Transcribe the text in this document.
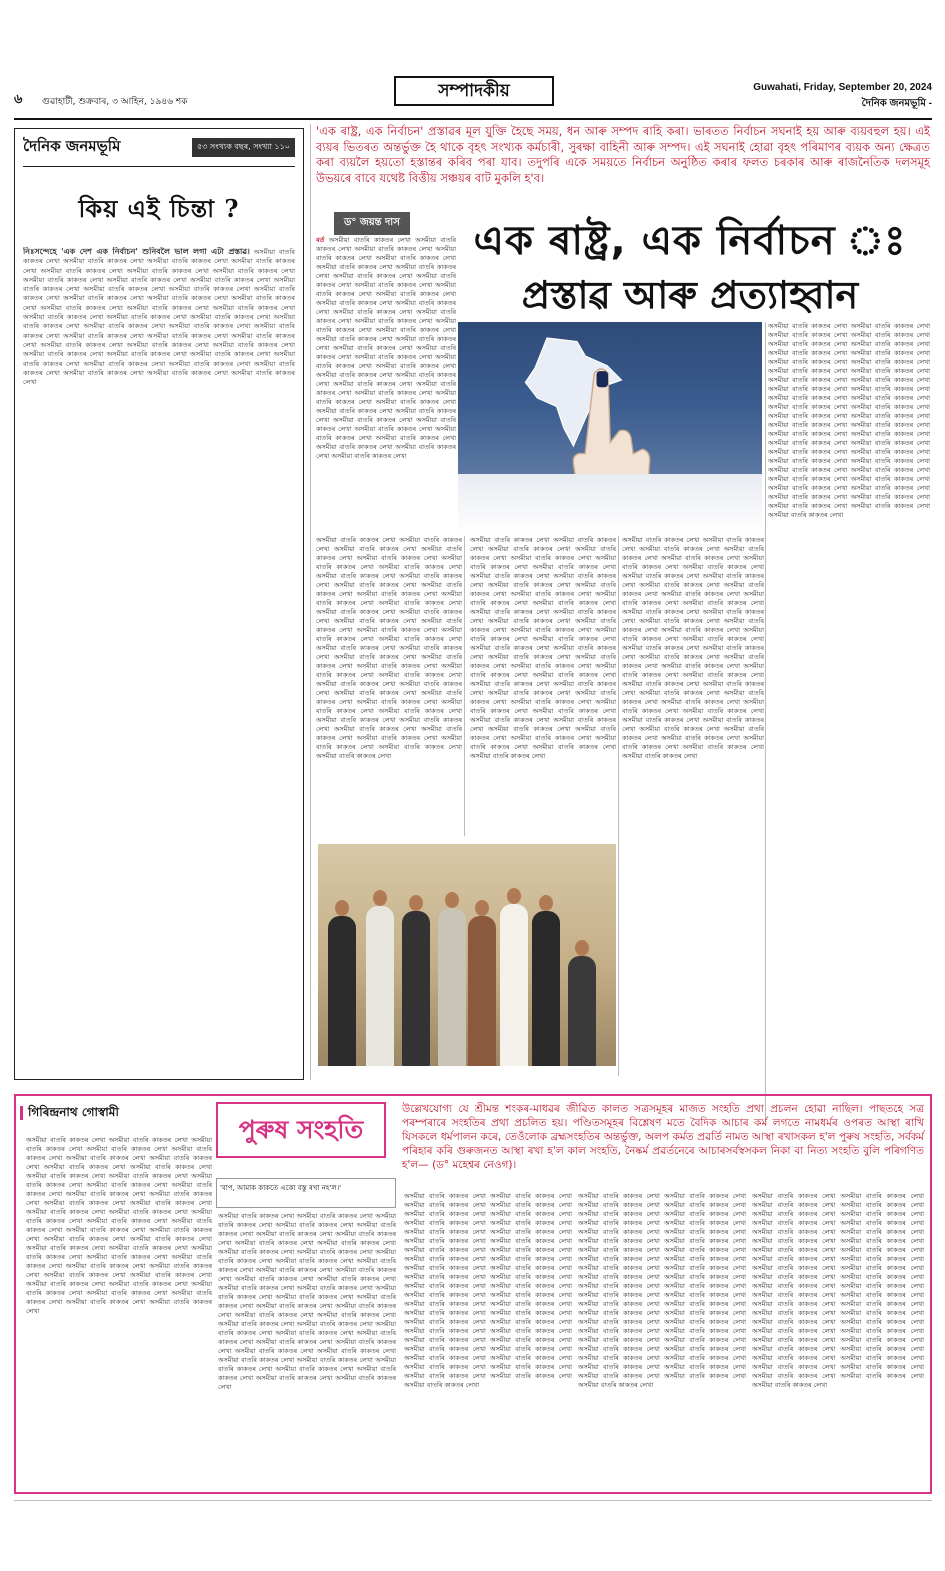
৬ গুৱাহাটী, শুক্ৰবাৰ, ৩ আহিন, ১৯৪৬ শক
সম্পাদকীয়	Guwahati, Friday, September 20, 2024
দৈনিক জনমভূমি -
দৈনিক জনমভূমি	৫৩ সংখ্যক বছৰ, সংখ্যা ১১০
কিয় এই চিন্তা ?
নিঃসন্দেহে 'এক দেশ এক নিৰ্বাচন' শুনিবলৈ ভাল লগা এটা প্ৰস্তাৱ। অসমীয়া বাতৰি কাকতৰ লেখা অসমীয়া বাতৰি কাকতৰ লেখা অসমীয়া বাতৰি কাকতৰ লেখা অসমীয়া বাতৰি কাকতৰ লেখা অসমীয়া বাতৰি কাকতৰ লেখা অসমীয়া বাতৰি কাকতৰ লেখা অসমীয়া বাতৰি কাকতৰ লেখা অসমীয়া বাতৰি কাকতৰ লেখা অসমীয়া বাতৰি কাকতৰ লেখা অসমীয়া বাতৰি কাকতৰ লেখা অসমীয়া বাতৰি কাকতৰ লেখা অসমীয়া বাতৰি কাকতৰ লেখা অসমীয়া বাতৰি কাকতৰ লেখা অসমীয়া বাতৰি কাকতৰ লেখা অসমীয়া বাতৰি কাকতৰ লেখা অসমীয়া বাতৰি কাকতৰ লেখা অসমীয়া বাতৰি কাকতৰ লেখা অসমীয়া বাতৰি কাকতৰ লেখা অসমীয়া বাতৰি কাকতৰ লেখা অসমীয়া বাতৰি কাকতৰ লেখা অসমীয়া বাতৰি কাকতৰ লেখা অসমীয়া বাতৰি কাকতৰ লেখা অসমীয়া বাতৰি কাকতৰ লেখা অসমীয়া বাতৰি কাকতৰ লেখা অসমীয়া বাতৰি কাকতৰ লেখা অসমীয়া বাতৰি কাকতৰ লেখা অসমীয়া বাতৰি কাকতৰ লেখা অসমীয়া বাতৰি কাকতৰ লেখা অসমীয়া বাতৰি কাকতৰ লেখা অসমীয়া বাতৰি কাকতৰ লেখা অসমীয়া বাতৰি কাকতৰ লেখা অসমীয়া বাতৰি কাকতৰ লেখা অসমীয়া বাতৰি কাকতৰ লেখা অসমীয়া বাতৰি কাকতৰ লেখা অসমীয়া বাতৰি কাকতৰ লেখা অসমীয়া বাতৰি কাকতৰ লেখা অসমীয়া বাতৰি কাকতৰ লেখা অসমীয়া বাতৰি কাকতৰ লেখা অসমীয়া বাতৰি কাকতৰ লেখা অসমীয়া বাতৰি কাকতৰ লেখা অসমীয়া বাতৰি কাকতৰ লেখা অসমীয়া বাতৰি কাকতৰ লেখা অসমীয়া বাতৰি কাকতৰ লেখা
'এক ৰাষ্ট্ৰ, এক নিৰ্বাচন' প্ৰস্তাৱৰ মূল যুক্তি হৈছে সময়, ধন আৰু সম্পদ ৰাহি কৰা। ভাৰতত নিৰ্বাচন সঘনাই হয় আৰু ব্যয়বহুল হয়। এই ব্যয়ৰ ভিতৰত অন্তৰ্ভুক্ত হৈ থাকে বৃহৎ সংখ্যক কৰ্মচাৰী, সুৰক্ষা বাহিনী আৰু সম্পদ। এই সঘনাই হোৱা বৃহৎ পৰিমাণৰ ব্যয়ক অন্য ক্ষেত্ৰত কৰা ব্যয়লৈ হয়তো হস্তান্তৰ কৰিব পৰা যাব। তদুপৰি একে সময়তে নিৰ্বাচন অনুষ্ঠিত কৰাৰ ফলত চৰকাৰ আৰু ৰাজনৈতিক দলসমূহ উভয়ৰে বাবে যথেষ্ট বিত্তীয় সঞ্চয়ৰ বাট মুকলি হ'ব।
ড° জয়ন্ত দাস	এক ৰাষ্ট্ৰ, এক নিৰ্বাচন ঃ
প্ৰস্তাৱ আৰু প্ৰত্যাহ্বান
বৰ্ত অসমীয়া বাতৰি কাকতৰ লেখা অসমীয়া বাতৰি কাকতৰ লেখা অসমীয়া বাতৰি কাকতৰ লেখা অসমীয়া বাতৰি কাকতৰ লেখা অসমীয়া বাতৰি কাকতৰ লেখা অসমীয়া বাতৰি কাকতৰ লেখা অসমীয়া বাতৰি কাকতৰ লেখা অসমীয়া বাতৰি কাকতৰ লেখা অসমীয়া বাতৰি কাকতৰ লেখা অসমীয়া বাতৰি কাকতৰ লেখা অসমীয়া বাতৰি কাকতৰ লেখা অসমীয়া বাতৰি কাকতৰ লেখা অসমীয়া বাতৰি কাকতৰ লেখা অসমীয়া বাতৰি কাকতৰ লেখা অসমীয়া বাতৰি কাকতৰ লেখা অসমীয়া বাতৰি কাকতৰ লেখা অসমীয়া বাতৰি কাকতৰ লেখা অসমীয়া বাতৰি কাকতৰ লেখা অসমীয়া বাতৰি কাকতৰ লেখা অসমীয়া বাতৰি কাকতৰ লেখা অসমীয়া বাতৰি কাকতৰ লেখা অসমীয়া বাতৰি কাকতৰ লেখা অসমীয়া বাতৰি কাকতৰ লেখা অসমীয়া বাতৰি কাকতৰ লেখা অসমীয়া বাতৰি কাকতৰ লেখা অসমীয়া বাতৰি কাকতৰ লেখা অসমীয়া বাতৰি কাকতৰ লেখা অসমীয়া বাতৰি কাকতৰ লেখা অসমীয়া বাতৰি কাকতৰ লেখা অসমীয়া বাতৰি কাকতৰ লেখা অসমীয়া বাতৰি কাকতৰ লেখা অসমীয়া বাতৰি কাকতৰ লেখা অসমীয়া বাতৰি কাকতৰ লেখা অসমীয়া বাতৰি কাকতৰ লেখা অসমীয়া বাতৰি কাকতৰ লেখা অসমীয়া বাতৰি কাকতৰ লেখা অসমীয়া বাতৰি কাকতৰ লেখা অসমীয়া বাতৰি কাকতৰ লেখা অসমীয়া বাতৰি কাকতৰ লেখা অসমীয়া বাতৰি কাকতৰ লেখা অসমীয়া বাতৰি কাকতৰ লেখা অসমীয়া বাতৰি কাকতৰ লেখা অসমীয়া বাতৰি কাকতৰ লেখা
অসমীয়া বাতৰি কাকতৰ লেখা অসমীয়া বাতৰি কাকতৰ লেখা অসমীয়া বাতৰি কাকতৰ লেখা অসমীয়া বাতৰি কাকতৰ লেখা অসমীয়া বাতৰি কাকতৰ লেখা অসমীয়া বাতৰি কাকতৰ লেখা অসমীয়া বাতৰি কাকতৰ লেখা অসমীয়া বাতৰি কাকতৰ লেখা অসমীয়া বাতৰি কাকতৰ লেখা অসমীয়া বাতৰি কাকতৰ লেখা অসমীয়া বাতৰি কাকতৰ লেখা অসমীয়া বাতৰি কাকতৰ লেখা অসমীয়া বাতৰি কাকতৰ লেখা অসমীয়া বাতৰি কাকতৰ লেখা অসমীয়া বাতৰি কাকতৰ লেখা অসমীয়া বাতৰি কাকতৰ লেখা অসমীয়া বাতৰি কাকতৰ লেখা অসমীয়া বাতৰি কাকতৰ লেখা অসমীয়া বাতৰি কাকতৰ লেখা অসমীয়া বাতৰি কাকতৰ লেখা অসমীয়া বাতৰি কাকতৰ লেখা অসমীয়া বাতৰি কাকতৰ লেখা অসমীয়া বাতৰি কাকতৰ লেখা অসমীয়া বাতৰি কাকতৰ লেখা অসমীয়া বাতৰি কাকতৰ লেখা অসমীয়া বাতৰি কাকতৰ লেখা অসমীয়া বাতৰি কাকতৰ লেখা অসমীয়া বাতৰি কাকতৰ লেখা অসমীয়া বাতৰি কাকতৰ লেখা অসমীয়া বাতৰি কাকতৰ লেখা অসমীয়া বাতৰি কাকতৰ লেখা অসমীয়া বাতৰি কাকতৰ লেখা অসমীয়া বাতৰি কাকতৰ লেখা অসমীয়া বাতৰি কাকতৰ লেখা অসমীয়া বাতৰি কাকতৰ লেখা অসমীয়া বাতৰি কাকতৰ লেখা অসমীয়া বাতৰি কাকতৰ লেখা অসমীয়া বাতৰি কাকতৰ লেখা অসমীয়া বাতৰি কাকতৰ লেখা অসমীয়া বাতৰি কাকতৰ লেখা অসমীয়া বাতৰি কাকতৰ লেখা অসমীয়া বাতৰি কাকতৰ লেখা অসমীয়া বাতৰি কাকতৰ লেখা
অসমীয়া বাতৰি কাকতৰ লেখা অসমীয়া বাতৰি কাকতৰ লেখা অসমীয়া বাতৰি কাকতৰ লেখা অসমীয়া বাতৰি কাকতৰ লেখা অসমীয়া বাতৰি কাকতৰ লেখা অসমীয়া বাতৰি কাকতৰ লেখা অসমীয়া বাতৰি কাকতৰ লেখা অসমীয়া বাতৰি কাকতৰ লেখা অসমীয়া বাতৰি কাকতৰ লেখা অসমীয়া বাতৰি কাকতৰ লেখা অসমীয়া বাতৰি কাকতৰ লেখা অসমীয়া বাতৰি কাকতৰ লেখা অসমীয়া বাতৰি কাকতৰ লেখা অসমীয়া বাতৰি কাকতৰ লেখা অসমীয়া বাতৰি কাকতৰ লেখা অসমীয়া বাতৰি কাকতৰ লেখা অসমীয়া বাতৰি কাকতৰ লেখা অসমীয়া বাতৰি কাকতৰ লেখা অসমীয়া বাতৰি কাকতৰ লেখা অসমীয়া বাতৰি কাকতৰ লেখা অসমীয়া বাতৰি কাকতৰ লেখা অসমীয়া বাতৰি কাকতৰ লেখা অসমীয়া বাতৰি কাকতৰ লেখা অসমীয়া বাতৰি কাকতৰ লেখা অসমীয়া বাতৰি কাকতৰ লেখা অসমীয়া বাতৰি কাকতৰ লেখা অসমীয়া বাতৰি কাকতৰ লেখা অসমীয়া বাতৰি কাকতৰ লেখা অসমীয়া বাতৰি কাকতৰ লেখা অসমীয়া বাতৰি কাকতৰ লেখা অসমীয়া বাতৰি কাকতৰ লেখা অসমীয়া বাতৰি কাকতৰ লেখা অসমীয়া বাতৰি কাকতৰ লেখা অসমীয়া বাতৰি কাকতৰ লেখা অসমীয়া বাতৰি কাকতৰ লেখা অসমীয়া বাতৰি কাকতৰ লেখা অসমীয়া বাতৰি কাকতৰ লেখা অসমীয়া বাতৰি কাকতৰ লেখা অসমীয়া বাতৰি কাকতৰ লেখা অসমীয়া বাতৰি কাকতৰ লেখা অসমীয়া বাতৰি কাকতৰ লেখা অসমীয়া বাতৰি কাকতৰ লেখা অসমীয়া বাতৰি কাকতৰ লেখা
অসমীয়া বাতৰি কাকতৰ লেখা অসমীয়া বাতৰি কাকতৰ লেখা অসমীয়া বাতৰি কাকতৰ লেখা অসমীয়া বাতৰি কাকতৰ লেখা অসমীয়া বাতৰি কাকতৰ লেখা অসমীয়া বাতৰি কাকতৰ লেখা অসমীয়া বাতৰি কাকতৰ লেখা অসমীয়া বাতৰি কাকতৰ লেখা অসমীয়া বাতৰি কাকতৰ লেখা অসমীয়া বাতৰি কাকতৰ লেখা অসমীয়া বাতৰি কাকতৰ লেখা অসমীয়া বাতৰি কাকতৰ লেখা অসমীয়া বাতৰি কাকতৰ লেখা অসমীয়া বাতৰি কাকতৰ লেখা অসমীয়া বাতৰি কাকতৰ লেখা অসমীয়া বাতৰি কাকতৰ লেখা অসমীয়া বাতৰি কাকতৰ লেখা অসমীয়া বাতৰি কাকতৰ লেখা অসমীয়া বাতৰি কাকতৰ লেখা অসমীয়া বাতৰি কাকতৰ লেখা অসমীয়া বাতৰি কাকতৰ লেখা অসমীয়া বাতৰি কাকতৰ লেখা অসমীয়া বাতৰি কাকতৰ লেখা অসমীয়া বাতৰি কাকতৰ লেখা অসমীয়া বাতৰি কাকতৰ লেখা অসমীয়া বাতৰি কাকতৰ লেখা অসমীয়া বাতৰি কাকতৰ লেখা অসমীয়া বাতৰি কাকতৰ লেখা অসমীয়া বাতৰি কাকতৰ লেখা অসমীয়া বাতৰি কাকতৰ লেখা অসমীয়া বাতৰি কাকতৰ লেখা অসমীয়া বাতৰি কাকতৰ লেখা অসমীয়া বাতৰি কাকতৰ লেখা অসমীয়া বাতৰি কাকতৰ লেখা অসমীয়া বাতৰি কাকতৰ লেখা অসমীয়া বাতৰি কাকতৰ লেখা অসমীয়া বাতৰি কাকতৰ লেখা অসমীয়া বাতৰি কাকতৰ লেখা অসমীয়া বাতৰি কাকতৰ লেখা অসমীয়া বাতৰি কাকতৰ লেখা অসমীয়া বাতৰি কাকতৰ লেখা অসমীয়া বাতৰি কাকতৰ লেখা অসমীয়া বাতৰি কাকতৰ লেখা
অসমীয়া বাতৰি কাকতৰ লেখা অসমীয়া বাতৰি কাকতৰ লেখা অসমীয়া বাতৰি কাকতৰ লেখা অসমীয়া বাতৰি কাকতৰ লেখা অসমীয়া বাতৰি কাকতৰ লেখা অসমীয়া বাতৰি কাকতৰ লেখা অসমীয়া বাতৰি কাকতৰ লেখা অসমীয়া বাতৰি কাকতৰ লেখা অসমীয়া বাতৰি কাকতৰ লেখা অসমীয়া বাতৰি কাকতৰ লেখা অসমীয়া বাতৰি কাকতৰ লেখা অসমীয়া বাতৰি কাকতৰ লেখা অসমীয়া বাতৰি কাকতৰ লেখা অসমীয়া বাতৰি কাকতৰ লেখা অসমীয়া বাতৰি কাকতৰ লেখা অসমীয়া বাতৰি কাকতৰ লেখা অসমীয়া বাতৰি কাকতৰ লেখা অসমীয়া বাতৰি কাকতৰ লেখা অসমীয়া বাতৰি কাকতৰ লেখা অসমীয়া বাতৰি কাকতৰ লেখা অসমীয়া বাতৰি কাকতৰ লেখা অসমীয়া বাতৰি কাকতৰ লেখা অসমীয়া বাতৰি কাকতৰ লেখা অসমীয়া বাতৰি কাকতৰ লেখা অসমীয়া বাতৰি কাকতৰ লেখা অসমীয়া বাতৰি কাকতৰ লেখা অসমীয়া বাতৰি কাকতৰ লেখা অসমীয়া বাতৰি কাকতৰ লেখা অসমীয়া বাতৰি কাকতৰ লেখা অসমীয়া বাতৰি কাকতৰ লেখা অসমীয়া বাতৰি কাকতৰ লেখা অসমীয়া বাতৰি কাকতৰ লেখা অসমীয়া বাতৰি কাকতৰ লেখা অসমীয়া বাতৰি কাকতৰ লেখা অসমীয়া বাতৰি কাকতৰ লেখা অসমীয়া বাতৰি কাকতৰ লেখা অসমীয়া বাতৰি কাকতৰ লেখা অসমীয়া বাতৰি কাকতৰ লেখা অসমীয়া বাতৰি কাকতৰ লেখা অসমীয়া বাতৰি কাকতৰ লেখা অসমীয়া বাতৰি কাকতৰ লেখা অসমীয়া বাতৰি কাকতৰ লেখা অসমীয়া বাতৰি কাকতৰ লেখা
গিৰিন্দ্ৰনাথ গোস্বামী
পুৰুষ সংহতি
উল্লেখযোগ্য যে শ্ৰীমন্ত শংকৰ-মাধৱৰ জীৱিত কালত সত্ৰসমূহৰ মাজত সংহতি প্ৰথা প্ৰচলন হোৱা নাছিল। পাছতহে সত্ৰ পৰম্পৰাৰে সংহতিৰ প্ৰথা প্ৰচলিত হয়। পণ্ডিতসমূহৰ বিশ্লেষণ মতে বৈদিক আচাৰ কৰ্ম লগতে নামধৰ্মৰ ওপৰত আস্থা ৰাখি যিসকলে ধৰ্মপালন কৰে, তেওঁলোক ব্ৰহ্মসংহতিৰ অন্তৰ্ভুক্ত, অলপ কৰ্মত প্ৰৱৰ্তি নামত আস্থা ৰখাসকল হ'ল পুৰুষ সংহতি, সৰ্বকৰ্ম পৰিহাৰ কৰি গুৰুজনত আস্থা ৰখা হ'ল কাল সংহতি, নৈষ্কৰ্ম প্ৰৱৰ্তনেৰে আচাৰসৰ্বস্বসকল নিকা বা নিত্য সংহতি বুলি পৰিগণিত হ'ল— (ড° মহেশ্বৰ নেওগ)।
অসমীয়া বাতৰি কাকতৰ লেখা অসমীয়া বাতৰি কাকতৰ লেখা অসমীয়া বাতৰি কাকতৰ লেখা অসমীয়া বাতৰি কাকতৰ লেখা অসমীয়া বাতৰি কাকতৰ লেখা অসমীয়া বাতৰি কাকতৰ লেখা অসমীয়া বাতৰি কাকতৰ লেখা অসমীয়া বাতৰি কাকতৰ লেখা অসমীয়া বাতৰি কাকতৰ লেখা অসমীয়া বাতৰি কাকতৰ লেখা অসমীয়া বাতৰি কাকতৰ লেখা অসমীয়া বাতৰি কাকতৰ লেখা অসমীয়া বাতৰি কাকতৰ লেখা অসমীয়া বাতৰি কাকতৰ লেখা অসমীয়া বাতৰি কাকতৰ লেখা অসমীয়া বাতৰি কাকতৰ লেখা অসমীয়া বাতৰি কাকতৰ লেখা অসমীয়া বাতৰি কাকতৰ লেখা অসমীয়া বাতৰি কাকতৰ লেখা অসমীয়া বাতৰি কাকতৰ লেখা অসমীয়া বাতৰি কাকতৰ লেখা অসমীয়া বাতৰি কাকতৰ লেখা অসমীয়া বাতৰি কাকতৰ লেখা অসমীয়া বাতৰি কাকতৰ লেখা অসমীয়া বাতৰি কাকতৰ লেখা অসমীয়া বাতৰি কাকতৰ লেখা অসমীয়া বাতৰি কাকতৰ লেখা অসমীয়া বাতৰি কাকতৰ লেখা অসমীয়া বাতৰি কাকতৰ লেখা অসমীয়া বাতৰি কাকতৰ লেখা অসমীয়া বাতৰি কাকতৰ লেখা অসমীয়া বাতৰি কাকতৰ লেখা অসমীয়া বাতৰি কাকতৰ লেখা অসমীয়া বাতৰি কাকতৰ লেখা অসমীয়া বাতৰি কাকতৰ লেখা অসমীয়া বাতৰি কাকতৰ লেখা অসমীয়া বাতৰি কাকতৰ লেখা অসমীয়া বাতৰি কাকতৰ লেখা অসমীয়া বাতৰি কাকতৰ লেখা অসমীয়া বাতৰি কাকতৰ লেখা অসমীয়া বাতৰি কাকতৰ লেখা অসমীয়া বাতৰি কাকতৰ লেখা অসমীয়া বাতৰি কাকতৰ লেখা
'বাপ, আমাক কাকতে একো বস্তু ৰখা নহ'ল।'
অসমীয়া বাতৰি কাকতৰ লেখা অসমীয়া বাতৰি কাকতৰ লেখা অসমীয়া বাতৰি কাকতৰ লেখা অসমীয়া বাতৰি কাকতৰ লেখা অসমীয়া বাতৰি কাকতৰ লেখা অসমীয়া বাতৰি কাকতৰ লেখা অসমীয়া বাতৰি কাকতৰ লেখা অসমীয়া বাতৰি কাকতৰ লেখা অসমীয়া বাতৰি কাকতৰ লেখা অসমীয়া বাতৰি কাকতৰ লেখা অসমীয়া বাতৰি কাকতৰ লেখা অসমীয়া বাতৰি কাকতৰ লেখা অসমীয়া বাতৰি কাকতৰ লেখা অসমীয়া বাতৰি কাকতৰ লেখা অসমীয়া বাতৰি কাকতৰ লেখা অসমীয়া বাতৰি কাকতৰ লেখা অসমীয়া বাতৰি কাকতৰ লেখা অসমীয়া বাতৰি কাকতৰ লেখা অসমীয়া বাতৰি কাকতৰ লেখা অসমীয়া বাতৰি কাকতৰ লেখা অসমীয়া বাতৰি কাকতৰ লেখা অসমীয়া বাতৰি কাকতৰ লেখা অসমীয়া বাতৰি কাকতৰ লেখা অসমীয়া বাতৰি কাকতৰ লেখা অসমীয়া বাতৰি কাকতৰ লেখা অসমীয়া বাতৰি কাকতৰ লেখা অসমীয়া বাতৰি কাকতৰ লেখা অসমীয়া বাতৰি কাকতৰ লেখা অসমীয়া বাতৰি কাকতৰ লেখা অসমীয়া বাতৰি কাকতৰ লেখা অসমীয়া বাতৰি কাকতৰ লেখা অসমীয়া বাতৰি কাকতৰ লেখা অসমীয়া বাতৰি কাকতৰ লেখা অসমীয়া বাতৰি কাকতৰ লেখা অসমীয়া বাতৰি কাকতৰ লেখা অসমীয়া বাতৰি কাকতৰ লেখা অসমীয়া বাতৰি কাকতৰ লেখা অসমীয়া বাতৰি কাকতৰ লেখা অসমীয়া বাতৰি কাকতৰ লেখা অসমীয়া বাতৰি কাকতৰ লেখা অসমীয়া বাতৰি কাকতৰ লেখা অসমীয়া বাতৰি কাকতৰ লেখা অসমীয়া বাতৰি কাকতৰ লেখা
অসমীয়া বাতৰি কাকতৰ লেখা অসমীয়া বাতৰি কাকতৰ লেখা অসমীয়া বাতৰি কাকতৰ লেখা অসমীয়া বাতৰি কাকতৰ লেখা অসমীয়া বাতৰি কাকতৰ লেখা অসমীয়া বাতৰি কাকতৰ লেখা অসমীয়া বাতৰি কাকতৰ লেখা অসমীয়া বাতৰি কাকতৰ লেখা অসমীয়া বাতৰি কাকতৰ লেখা অসমীয়া বাতৰি কাকতৰ লেখা অসমীয়া বাতৰি কাকতৰ লেখা অসমীয়া বাতৰি কাকতৰ লেখা অসমীয়া বাতৰি কাকতৰ লেখা অসমীয়া বাতৰি কাকতৰ লেখা অসমীয়া বাতৰি কাকতৰ লেখা অসমীয়া বাতৰি কাকতৰ লেখা অসমীয়া বাতৰি কাকতৰ লেখা অসমীয়া বাতৰি কাকতৰ লেখা অসমীয়া বাতৰি কাকতৰ লেখা অসমীয়া বাতৰি কাকতৰ লেখা অসমীয়া বাতৰি কাকতৰ লেখা অসমীয়া বাতৰি কাকতৰ লেখা অসমীয়া বাতৰি কাকতৰ লেখা অসমীয়া বাতৰি কাকতৰ লেখা অসমীয়া বাতৰি কাকতৰ লেখা অসমীয়া বাতৰি কাকতৰ লেখা অসমীয়া বাতৰি কাকতৰ লেখা অসমীয়া বাতৰি কাকতৰ লেখা অসমীয়া বাতৰি কাকতৰ লেখা অসমীয়া বাতৰি কাকতৰ লেখা অসমীয়া বাতৰি কাকতৰ লেখা অসমীয়া বাতৰি কাকতৰ লেখা অসমীয়া বাতৰি কাকতৰ লেখা অসমীয়া বাতৰি কাকতৰ লেখা অসমীয়া বাতৰি কাকতৰ লেখা অসমীয়া বাতৰি কাকতৰ লেখা অসমীয়া বাতৰি কাকতৰ লেখা অসমীয়া বাতৰি কাকতৰ লেখা অসমীয়া বাতৰি কাকতৰ লেখা অসমীয়া বাতৰি কাকতৰ লেখা অসমীয়া বাতৰি কাকতৰ লেখা অসমীয়া বাতৰি কাকতৰ লেখা অসমীয়া বাতৰি কাকতৰ লেখা
অসমীয়া বাতৰি কাকতৰ লেখা অসমীয়া বাতৰি কাকতৰ লেখা অসমীয়া বাতৰি কাকতৰ লেখা অসমীয়া বাতৰি কাকতৰ লেখা অসমীয়া বাতৰি কাকতৰ লেখা অসমীয়া বাতৰি কাকতৰ লেখা অসমীয়া বাতৰি কাকতৰ লেখা অসমীয়া বাতৰি কাকতৰ লেখা অসমীয়া বাতৰি কাকতৰ লেখা অসমীয়া বাতৰি কাকতৰ লেখা অসমীয়া বাতৰি কাকতৰ লেখা অসমীয়া বাতৰি কাকতৰ লেখা অসমীয়া বাতৰি কাকতৰ লেখা অসমীয়া বাতৰি কাকতৰ লেখা অসমীয়া বাতৰি কাকতৰ লেখা অসমীয়া বাতৰি কাকতৰ লেখা অসমীয়া বাতৰি কাকতৰ লেখা অসমীয়া বাতৰি কাকতৰ লেখা অসমীয়া বাতৰি কাকতৰ লেখা অসমীয়া বাতৰি কাকতৰ লেখা অসমীয়া বাতৰি কাকতৰ লেখা অসমীয়া বাতৰি কাকতৰ লেখা অসমীয়া বাতৰি কাকতৰ লেখা অসমীয়া বাতৰি কাকতৰ লেখা অসমীয়া বাতৰি কাকতৰ লেখা অসমীয়া বাতৰি কাকতৰ লেখা অসমীয়া বাতৰি কাকতৰ লেখা অসমীয়া বাতৰি কাকতৰ লেখা অসমীয়া বাতৰি কাকতৰ লেখা অসমীয়া বাতৰি কাকতৰ লেখা অসমীয়া বাতৰি কাকতৰ লেখা অসমীয়া বাতৰি কাকতৰ লেখা অসমীয়া বাতৰি কাকতৰ লেখা অসমীয়া বাতৰি কাকতৰ লেখা অসমীয়া বাতৰি কাকতৰ লেখা অসমীয়া বাতৰি কাকতৰ লেখা অসমীয়া বাতৰি কাকতৰ লেখা অসমীয়া বাতৰি কাকতৰ লেখা অসমীয়া বাতৰি কাকতৰ লেখা অসমীয়া বাতৰি কাকতৰ লেখা অসমীয়া বাতৰি কাকতৰ লেখা অসমীয়া বাতৰি কাকতৰ লেখা অসমীয়া বাতৰি কাকতৰ লেখা
অসমীয়া বাতৰি কাকতৰ লেখা অসমীয়া বাতৰি কাকতৰ লেখা অসমীয়া বাতৰি কাকতৰ লেখা অসমীয়া বাতৰি কাকতৰ লেখা অসমীয়া বাতৰি কাকতৰ লেখা অসমীয়া বাতৰি কাকতৰ লেখা অসমীয়া বাতৰি কাকতৰ লেখা অসমীয়া বাতৰি কাকতৰ লেখা অসমীয়া বাতৰি কাকতৰ লেখা অসমীয়া বাতৰি কাকতৰ লেখা অসমীয়া বাতৰি কাকতৰ লেখা অসমীয়া বাতৰি কাকতৰ লেখা অসমীয়া বাতৰি কাকতৰ লেখা অসমীয়া বাতৰি কাকতৰ লেখা অসমীয়া বাতৰি কাকতৰ লেখা অসমীয়া বাতৰি কাকতৰ লেখা অসমীয়া বাতৰি কাকতৰ লেখা অসমীয়া বাতৰি কাকতৰ লেখা অসমীয়া বাতৰি কাকতৰ লেখা অসমীয়া বাতৰি কাকতৰ লেখা অসমীয়া বাতৰি কাকতৰ লেখা অসমীয়া বাতৰি কাকতৰ লেখা অসমীয়া বাতৰি কাকতৰ লেখা অসমীয়া বাতৰি কাকতৰ লেখা অসমীয়া বাতৰি কাকতৰ লেখা অসমীয়া বাতৰি কাকতৰ লেখা অসমীয়া বাতৰি কাকতৰ লেখা অসমীয়া বাতৰি কাকতৰ লেখা অসমীয়া বাতৰি কাকতৰ লেখা অসমীয়া বাতৰি কাকতৰ লেখা অসমীয়া বাতৰি কাকতৰ লেখা অসমীয়া বাতৰি কাকতৰ লেখা অসমীয়া বাতৰি কাকতৰ লেখা অসমীয়া বাতৰি কাকতৰ লেখা অসমীয়া বাতৰি কাকতৰ লেখা অসমীয়া বাতৰি কাকতৰ লেখা অসমীয়া বাতৰি কাকতৰ লেখা অসমীয়া বাতৰি কাকতৰ লেখা অসমীয়া বাতৰি কাকতৰ লেখা অসমীয়া বাতৰি কাকতৰ লেখা অসমীয়া বাতৰি কাকতৰ লেখা অসমীয়া বাতৰি কাকতৰ লেখা অসমীয়া বাতৰি কাকতৰ লেখা
